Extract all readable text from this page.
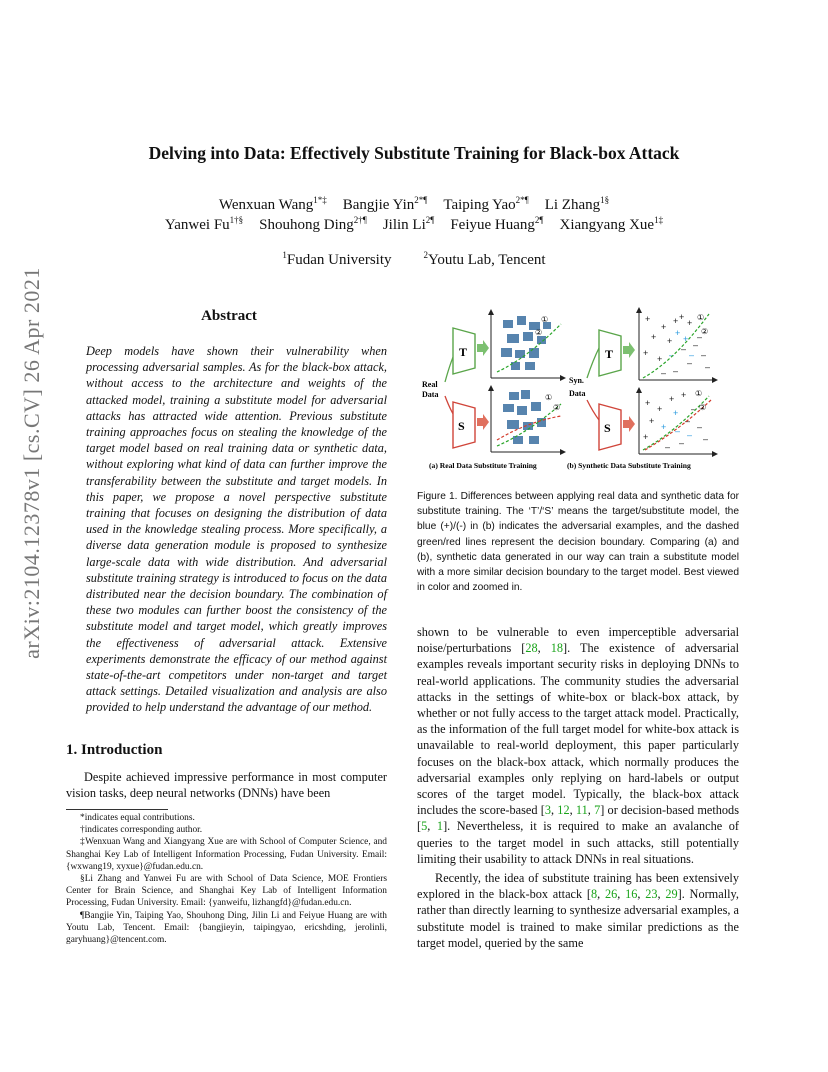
arXiv:2104.12378v1 [cs.CV] 26 Apr 2021
Delving into Data: Effectively Substitute Training for Black-box Attack
Wenxuan Wang$^{1*\ddagger}$ Bangjie Yin$^{2*\P}$ Taiping Yao$^{2*\P}$ Li Zhang$^{1\S}$
Yanwei $Fu^{1\dagger\S}$ Shouhong Ding$^{2\dagger\P}$ Jilin $Li^{2\P}$ Feiyue Huang$^{2\P}$ Xiangyang Xue$^{1\ddagger}$
$^1$Fudan University	$^2$Youtu Lab, Tencent
Abstract
Deep models have shown their vulnerability when processing adversarial samples. As for the black-box attack, without access to the architecture and weights of the attacked model, training a substitute model for adversarial attacks has attracted wide attention. Previous substitute training approaches focus on stealing the knowledge of the target model based on real training data or synthetic data, without exploring what kind of data can further improve the transferability between the substitute and target models. In this paper, we propose a novel perspective substitute training that focuses on designing the distribution of data used in the knowledge stealing process. More specifically, a diverse data generation module is proposed to synthesize large-scale data with wide distribution. And adversarial substitute training strategy is introduced to focus on the data distributed near the decision boundary. The combination of these two modules can further boost the consistency of the substitute model and target model, which greatly improves the effectiveness of adversarial attack. Extensive experiments demonstrate the efficacy of our method against state-of-the-art competitors under non-target and target attack settings. Detailed visualization and analysis are also provided to help understand the advantage of our method.
1. Introduction
Despite achieved impressive performance in most computer vision tasks, deep neural networks (DNNs) have been

*indicates equal contributions.

†indicates corresponding author.

‡Wenxuan Wang and Xiangyang Xue are with School of Computer Science, and Shanghai Key Lab of Intelligent Information Processing, Fudan University. Email: {wxwang19, xyxue}@fudan.edu.cn.

§Li Zhang and Yanwei Fu are with School of Data Science, MOE Frontiers Center for Brain Science, and Shanghai Key Lab of Intelligent Information Processing, Fudan University. Email: {yanweifu, lizhangfd}@fudan.edu.cn.

¶Bangjie Yin, Taiping Yao, Shouhong Ding, Jilin Li and Feiyue Huang are with Youtu Lab, Tencent. Email: {bangjieyin, taipingyao, ericshding, jerolinli, garyhuang}@tencent.com.

Real
Data
T
S
①
②
①
②
Syn.
Data
T
S
+
+
+
+ +
+
+
+
+
– –
–
–
–	–
–
–
+
+
– –
①
②
+
+
+
+
+
+
–
–
–
–
–
–
+
+ – –
①
②
(a) Real Data Substitute Training	(b) Synthetic Data Substitute Training
Figure 1. Differences between applying real data and synthetic data for substitute training. The ‘T’/‘S’ means the target/substitute model, the blue (+)/(-) in (b) indicates the adversarial examples, and the dashed green/red lines represent the decision boundary. Comparing (a) and (b), synthetic data generated in our way can train a substitute model with a more similar decision boundary to the target model. Best viewed in color and zoomed in.

shown to be vulnerable to even imperceptible adversarial noise/perturbations [28, 18]. The existence of adversarial examples reveals important security risks in deploying DNNs to real-world applications. The community studies the adversarial attacks in the settings of white-box or black-box attack, by whether or not fully access to the target attack model. Practically, as the information of the full target model for white-box attack is unavailable to real-world deployment, this paper particularly focuses on the black-box attack, which normally produces the adversarial examples only replying on hard-labels or output scores of the target model. Typically, the black-box attack includes the score-based [3, 12, 11, 7] or decision-based methods [5, 1]. Nevertheless, it is required to make an avalanche of queries to the target model in such attacks, still potentially limiting their usability to attack DNNs in real situations.

Recently, the idea of substitute training has been extensively explored in the black-box attack [8, 26, 16, 23, 29]. Normally, rather than directly learning to synthesize adversarial examples, a substitute model is trained to make similar predictions as the target model, queried by the same
